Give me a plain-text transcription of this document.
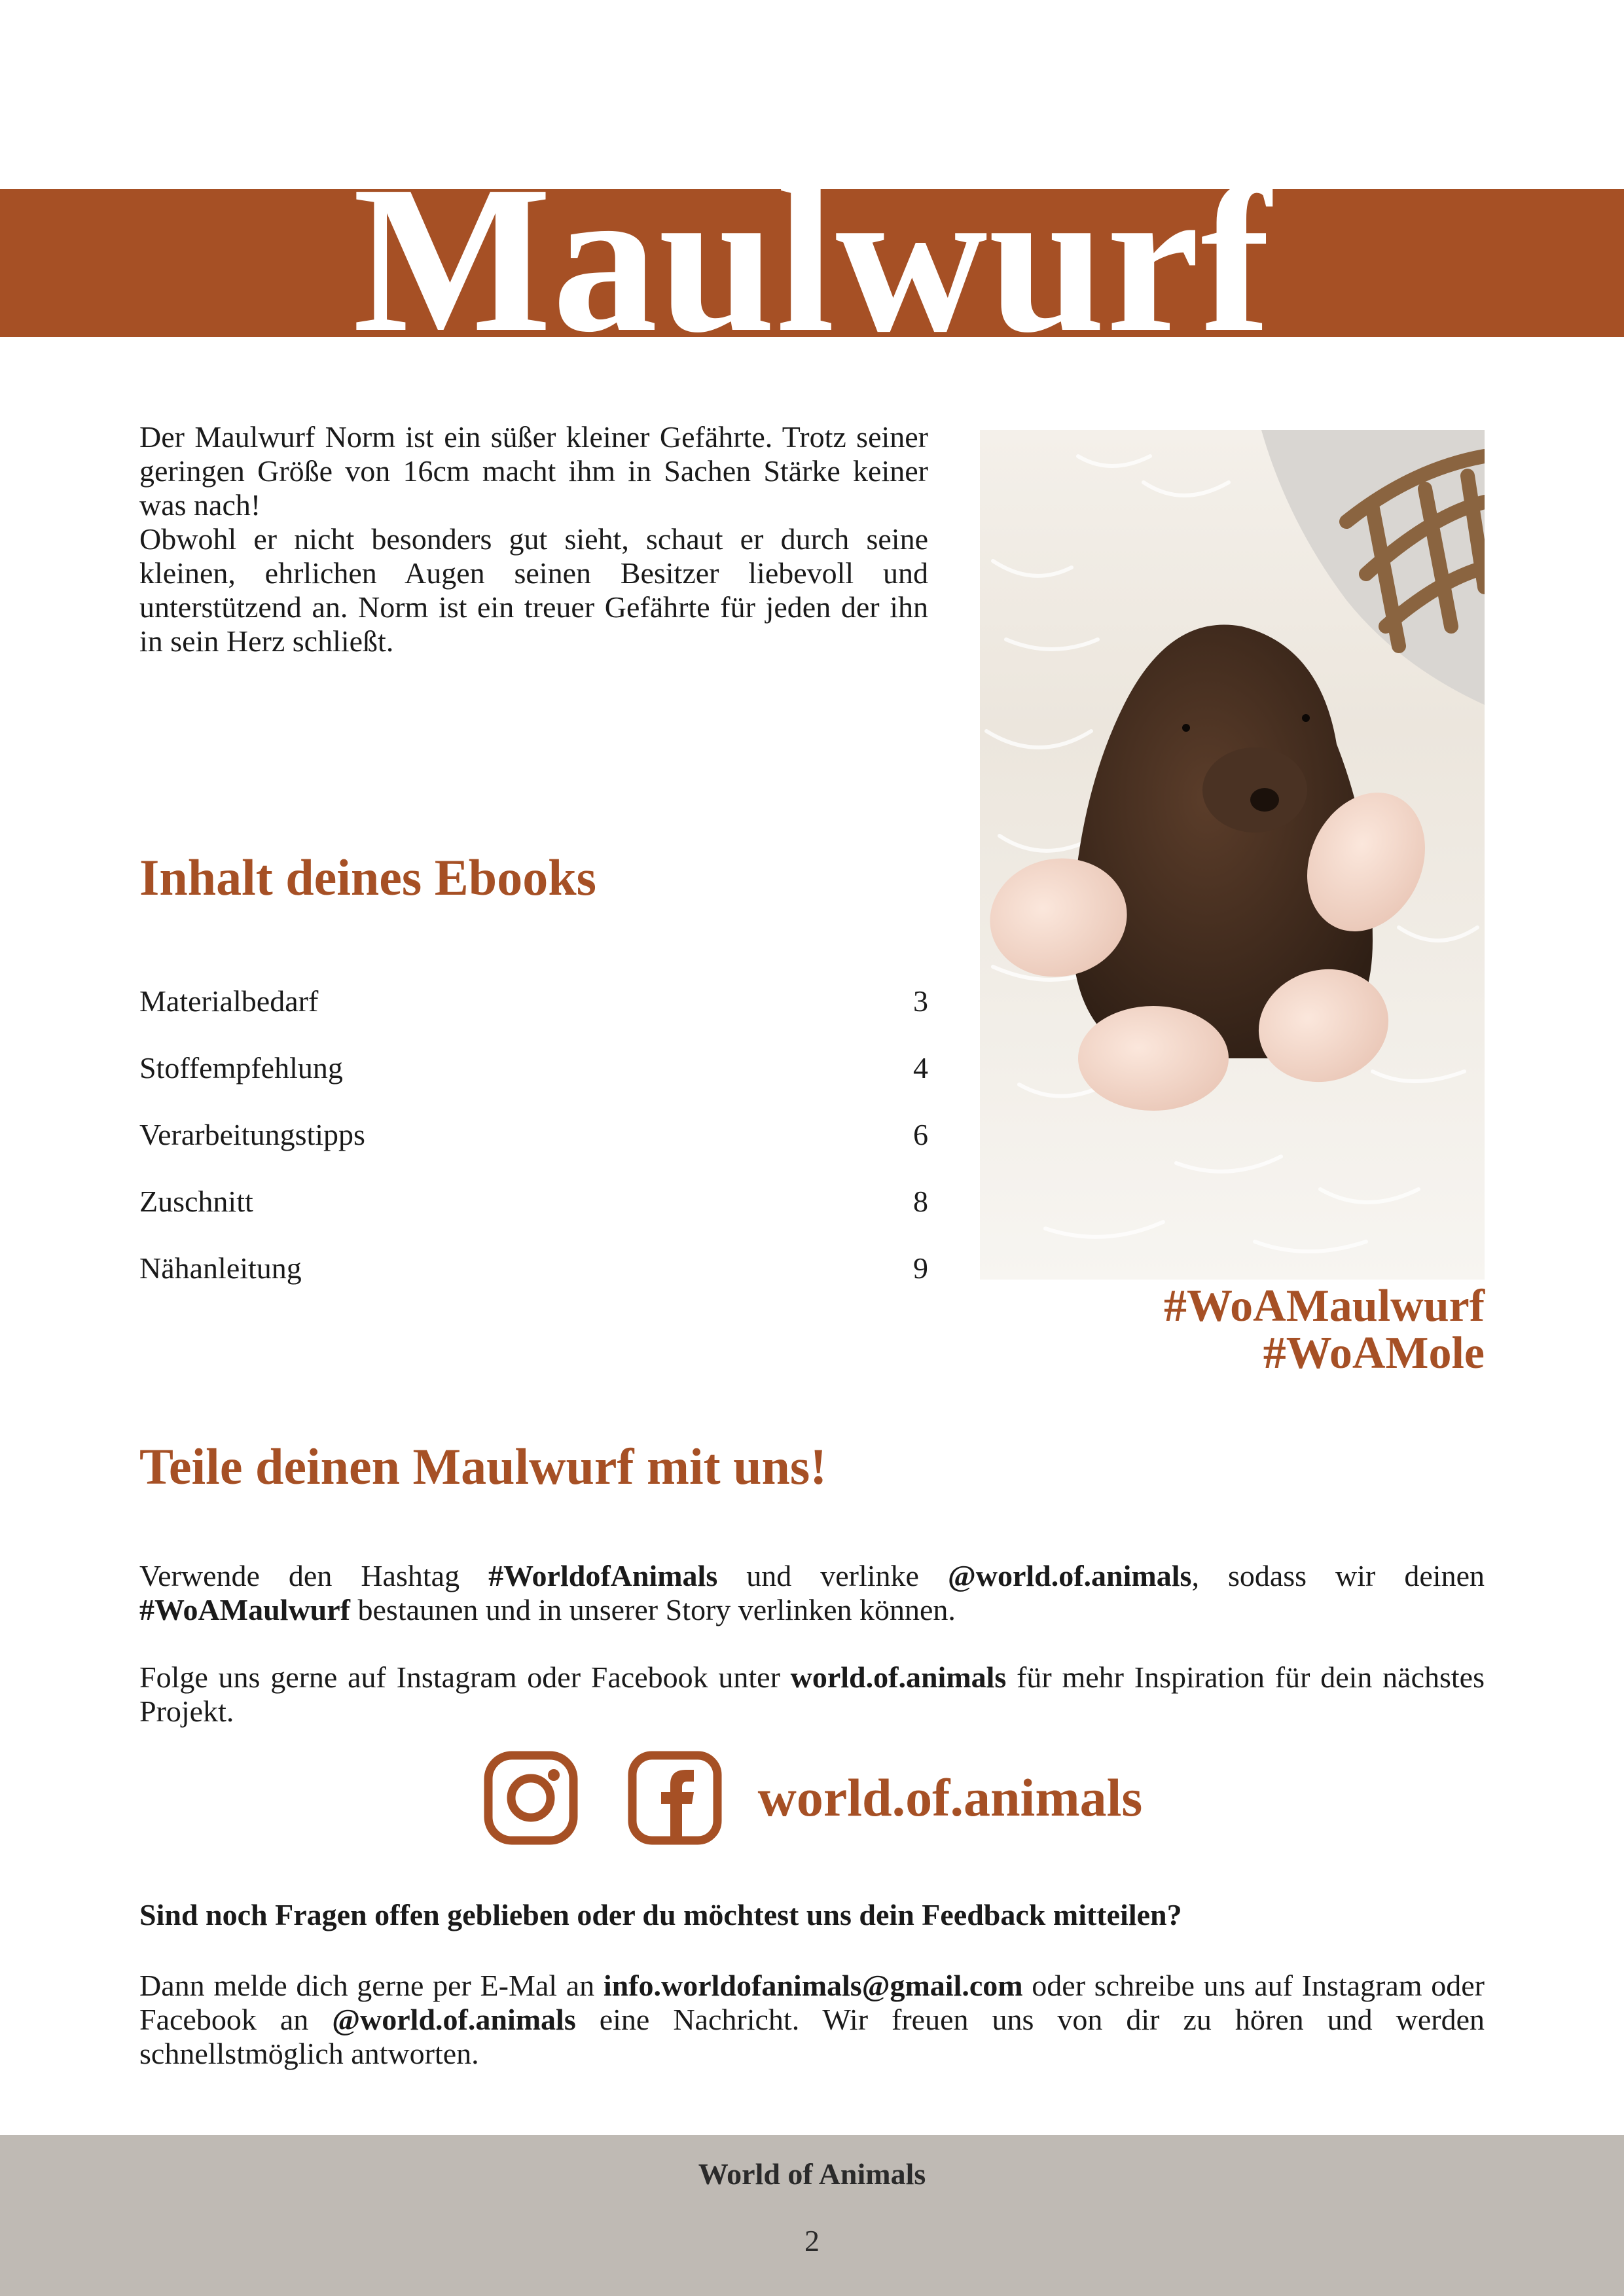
Maulwurf

Der Maulwurf Norm ist ein süßer kleiner Gefährte. Trotz seiner geringen Größe von 16cm macht ihm in Sachen Stärke keiner was nach!

Obwohl er nicht besonders gut sieht, schaut er durch seine kleinen, ehrlichen Augen seinen Besitzer liebevoll und unterstützend an. Norm ist ein treuer Gefährte für jeden der ihn in sein Herz schließt.

Inhalt deines Ebooks
Materialbedarf	3
Stoffempfehlung	4
Verarbeitungstipps	6
Zuschnitt	8
Nähanleitung	9
#WoAMaulwurf
#WoAMole
Teile deinen Maulwurf mit uns!

Verwende den Hashtag #WorldofAnimals und verlinke @world.of.animals, sodass wir deinen #WoAMaulwurf bestaunen und in unserer Story verlinken können.

Folge uns gerne auf Instagram oder Facebook unter world.of.animals für mehr Inspiration für dein nächstes Projekt.

world.of.animals

Sind noch Fragen offen geblieben oder du möchtest uns dein Feedback mitteilen?

Dann melde dich gerne per E-Mal an info.worldofanimals@gmail.com oder schreibe uns auf Instagram oder Facebook an @world.of.animals eine Nachricht. Wir freuen uns von dir zu hören und werden schnellstmöglich antworten.

World of Animals
2
